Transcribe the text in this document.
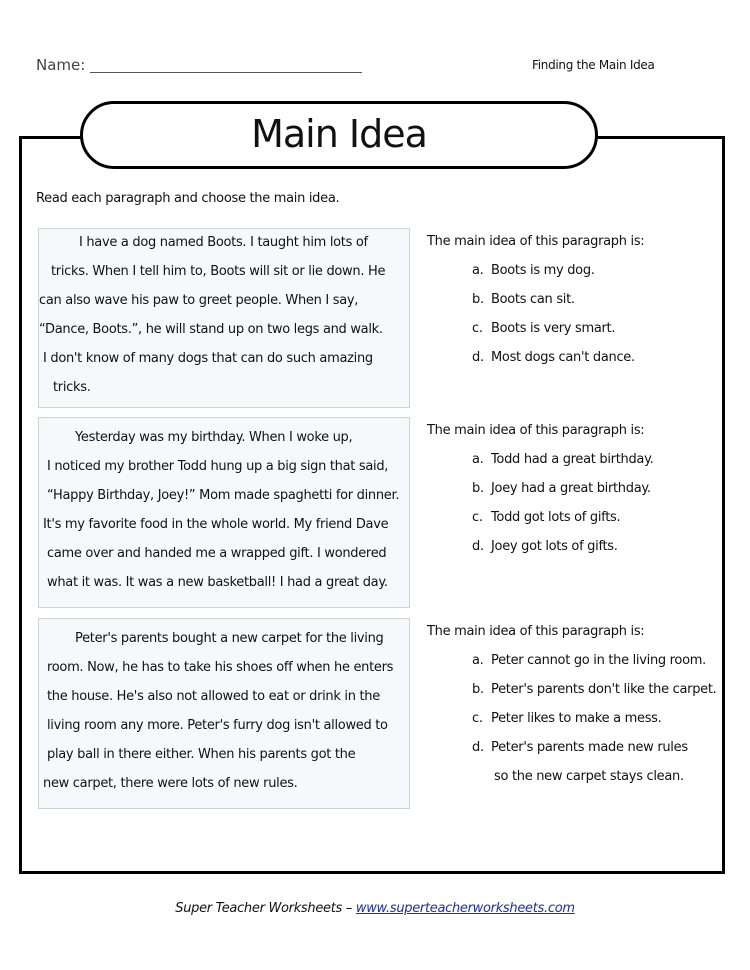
Name:	Finding the Main Idea
Main Idea
Read each paragraph and choose the main idea.
I have a dog named Boots. I taught him lots of
tricks. When I tell him to, Boots will sit or lie down. He
can also wave his paw to greet people. When I say,
“Dance, Boots.”, he will stand up on two legs and walk.
I don't know of many dogs that can do such amazing
tricks.
The main idea of this paragraph is:
a. Boots is my dog.
b. Boots can sit.
c. Boots is very smart.
d. Most dogs can't dance.
Yesterday was my birthday. When I woke up,
I noticed my brother Todd hung up a big sign that said,
“Happy Birthday, Joey!” Mom made spaghetti for dinner.
It's my favorite food in the whole world. My friend Dave
came over and handed me a wrapped gift. I wondered
what it was. It was a new basketball! I had a great day.
The main idea of this paragraph is:
a. Todd had a great birthday.
b. Joey had a great birthday.
c. Todd got lots of gifts.
d. Joey got lots of gifts.
Peter's parents bought a new carpet for the living
room. Now, he has to take his shoes off when he enters
the house. He's also not allowed to eat or drink in the
living room any more. Peter's furry dog isn't allowed to
play ball in there either. When his parents got the
new carpet, there were lots of new rules.
The main idea of this paragraph is:
a. Peter cannot go in the living room.
b. Peter's parents don't like the carpet.
c. Peter likes to make a mess.
d. Peter's parents made new rules
so the new carpet stays clean.
Super Teacher Worksheets – www.superteacherworksheets.com
